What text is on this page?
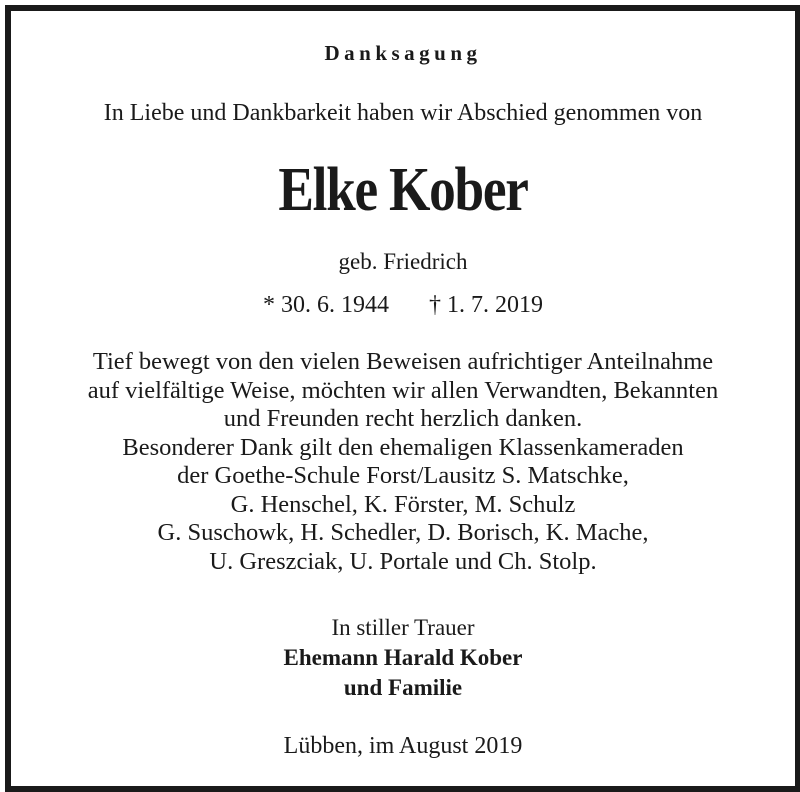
Danksagung
In Liebe und Dankbarkeit haben wir Abschied genommen von
Elke Kober
geb. Friedrich
* 30. 6. 1944 † 1. 7. 2019
Tief bewegt von den vielen Beweisen aufrichtiger Anteilnahme
auf vielfältige Weise, möchten wir allen Verwandten, Bekannten
und Freunden recht herzlich danken.
Besonderer Dank gilt den ehemaligen Klassenkameraden
der Goethe-Schule Forst/Lausitz S. Matschke,
G. Henschel, K. Förster, M. Schulz
G. Suschowk, H. Schedler, D. Borisch, K. Mache,
U. Greszciak, U. Portale und Ch. Stolp.
In stiller Trauer
Ehemann Harald Kober
und Familie
Lübben, im August 2019
